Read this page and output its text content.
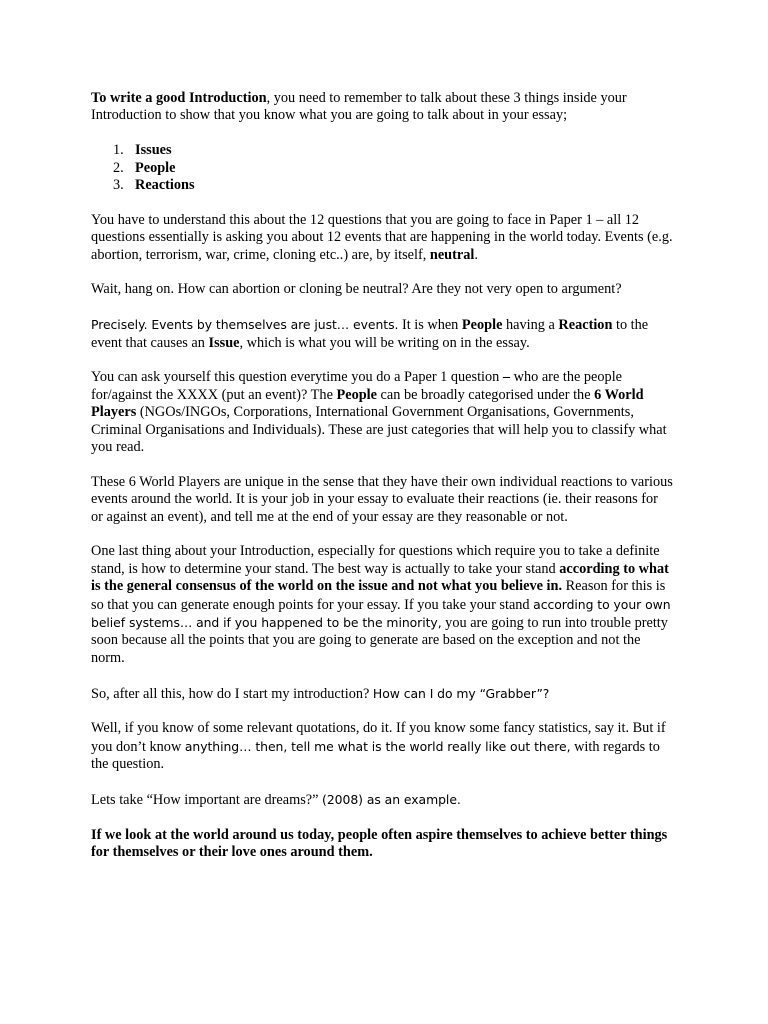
To write a good Introduction, you need to remember to talk about these 3 things inside your Introduction to show that you know what you are going to talk about in your essay;

1. Issues
2. People
3. Reactions

You have to understand this about the 12 questions that you are going to face in Paper 1 – all 12 questions essentially is asking you about 12 events that are happening in the world today. Events (e.g. abortion, terrorism, war, crime, cloning etc..) are, by itself, neutral.

Wait, hang on. How can abortion or cloning be neutral? Are they not very open to argument?

Precisely. Events by themselves are just… events. It is when People having a Reaction to the event that causes an Issue, which is what you will be writing on in the essay.

You can ask yourself this question everytime you do a Paper 1 question – who are the people for/against the XXXX (put an event)? The People can be broadly categorised under the 6 World Players (NGOs/INGOs, Corporations, International Government Organisations, Governments, Criminal Organisations and Individuals). These are just categories that will help you to classify what you read.

These 6 World Players are unique in the sense that they have their own individual reactions to various events around the world. It is your job in your essay to evaluate their reactions (ie. their reasons for or against an event), and tell me at the end of your essay are they reasonable or not.

One last thing about your Introduction, especially for questions which require you to take a definite stand, is how to determine your stand. The best way is actually to take your stand according to what is the general consensus of the world on the issue and not what you believe in. Reason for this is so that you can generate enough points for your essay. If you take your stand according to your own belief systems… and if you happened to be the minority, you are going to run into trouble pretty soon because all the points that you are going to generate are based on the exception and not the norm.

So, after all this, how do I start my introduction? How can I do my “Grabber”?

Well, if you know of some relevant quotations, do it. If you know some fancy statistics, say it. But if you don’t know anything… then, tell me what is the world really like out there, with regards to the question.

Lets take “How important are dreams?” (2008) as an example.

If we look at the world around us today, people often aspire themselves to achieve better things for themselves or their love ones around them.
